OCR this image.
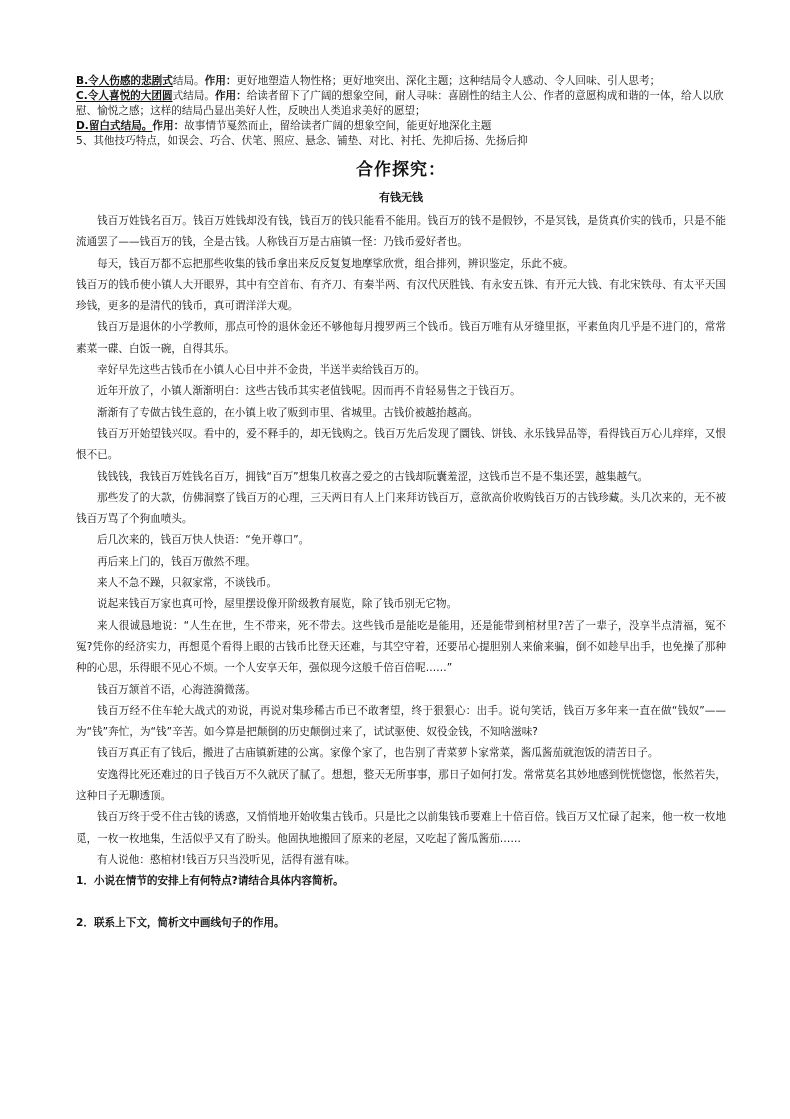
B.令人伤感的悲剧式结局。作用：更好地塑造人物性格；更好地突出、深化主题；这种结局令人感动、令人回味、引人思考；
C.令人喜悦的大团圆式结局。作用：给读者留下了广阔的想象空间，耐人寻味：喜剧性的结主人公、作者的意愿构成和谐的一体，给人以欣慰、愉悦之感；这样的结局凸显出美好人性，反映出人类追求美好的愿望；
D.留白式结局。作用：故事情节戛然而止，留给读者广阔的想象空间，能更好地深化主题
5、其他技巧特点，如误会、巧合、伏笔、照应、悬念、铺垫、对比、衬托、先抑后扬、先扬后抑
合作探究：
有钱无钱
钱百万姓钱名百万。钱百万姓钱却没有钱，钱百万的钱只能看不能用。钱百万的钱不是假钞，不是冥钱，是货真价实的钱币，只是不能流通罢了——钱百万的钱，全是古钱。人称钱百万是古庙镇一怪：乃钱币爱好者也。
每天，钱百万都不忘把那些收集的钱币拿出来反反复复地摩挲欣赏，组合排列，辨识鉴定，乐此不疲。
钱百万的钱币使小镇人大开眼界，其中有空首布、有齐刀、有秦半两、有汉代厌胜钱、有永安五铢、有开元大钱、有北宋铁母、有太平天国珍钱，更多的是清代的钱币，真可谓洋洋大观。
钱百万是退休的小学教师，那点可怜的退休金还不够他每月搜罗两三个钱币。钱百万唯有从牙缝里抠，平素鱼肉几乎是不进门的，常常素菜一碟、白饭一碗，自得其乐。
幸好早先这些古钱币在小镇人心目中并不金贵，半送半卖给钱百万的。
近年开放了，小镇人渐渐明白：这些古钱币其实老值钱呢。因而再不肯轻易售之于钱百万。
渐渐有了专做古钱生意的，在小镇上收了贩到市里、省城里。古钱价被越抬越高。
钱百万开始望钱兴叹。看中的，爱不释手的，却无钱购之。钱百万先后发现了圜钱、饼钱、永乐钱异品等，看得钱百万心儿痒痒，又恨恨不已。
钱钱钱，我钱百万姓钱名百万，拥钱“百万”想集几枚喜之爱之的古钱却阮囊羞涩，这钱币岂不是不集还罢，越集越气。
那些发了的大款，仿佛洞察了钱百万的心理，三天两日有人上门来拜访钱百万，意欲高价收购钱百万的古钱珍藏。头几次来的，无不被钱百万骂了个狗血喷头。
后几次来的，钱百万快人快语：“免开尊口”。
再后来上门的，钱百万傲然不理。
来人不急不躁，只叙家常，不谈钱币。
说起来钱百万家也真可怜，屋里摆设像开阶级教育展览，除了钱币别无它物。
来人很诚恳地说：“人生在世，生不带来，死不带去。这些钱币是能吃是能用，还是能带到棺材里?苦了一辈子，没享半点清福，冤不冤?凭你的经济实力，再想觅个看得上眼的古钱币比登天还难，与其空守着，还要吊心提胆别人来偷来骗，倒不如趁早出手，也免操了那种种的心思，乐得眼不见心不烦。一个人安享天年，强似现今这般千倍百倍呢……”
钱百万颔首不语，心海涟漪微荡。
钱百万经不住车轮大战式的劝说，再说对集珍稀古币已不敢奢望，终于狠狠心：出手。说句笑话，钱百万多年来一直在做“钱奴”——为“钱”奔忙，为“钱”辛苦。如今算是把颠倒的历史颠倒过来了，试试驱使、奴役金钱，不知啥滋味?
钱百万真正有了钱后，搬进了古庙镇新建的公寓。家像个家了，也告别了青菜萝卜家常菜，酱瓜酱茄就泡饭的清苦日子。
安逸得比死还难过的日子钱百万不久就厌了腻了。想想，整天无所事事，那日子如何打发。常常莫名其妙地感到恍恍惚惚，怅然若失，这种日子无聊透顶。
钱百万终于受不住古钱的诱惑，又悄悄地开始收集古钱币。只是比之以前集钱币要难上十倍百倍。钱百万又忙碌了起来，他一枚一枚地觅，一枚一枚地集，生活似乎又有了盼头。他固执地搬回了原来的老屋，又吃起了酱瓜酱茄……
有人说他：憨棺材!钱百万只当没听见，活得有滋有味。
1．小说在情节的安排上有何特点?请结合具体内容简析。
2．联系上下文，简析文中画线句子的作用。
